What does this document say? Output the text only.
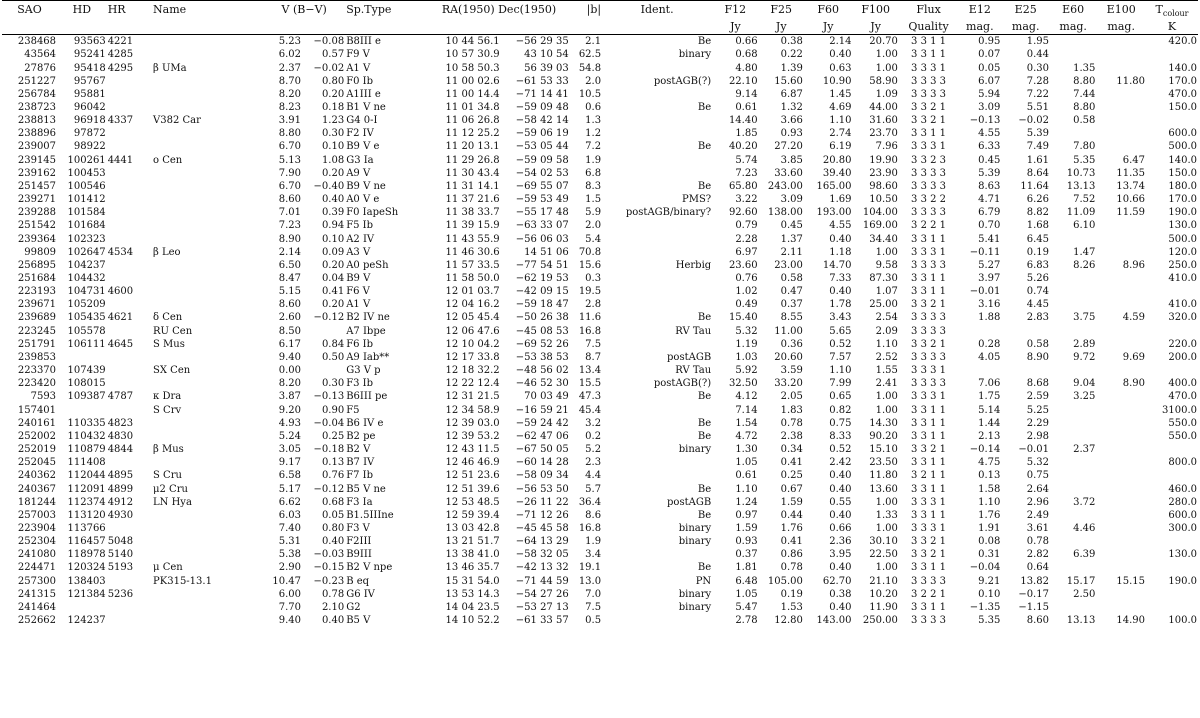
SAO	HD	HR	Name	V (B−V)		Sp.Type	RA(1950) Dec(1950)		|b|	Ident.	F12	F25	F60	F100	Flux	E12	E25	E60	E100	$T_{colour}$
											Jy	Jy	Jy	Jy	Quality	mag.	mag.	mag.	mag.	K
238468	93563	4221		5.23	−0.08	B8III e	10 44 56.1	−56 29 35	2.1	Be	0.66	0.38	2.14	20.70	3 3 1 1	0.95	1.95			420.0
43564	95241	4285		6.02	0.57	F9 V	10 57 30.9	43 10 54	62.5	binary	0.68	0.22	0.40	1.00	3 3 1 1	0.07	0.44			
27876	95418	4295	β UMa	2.37	−0.02	A1 V	10 58 50.3	56 39 03	54.8		4.80	1.39	0.63	1.00	3 3 3 1	0.05	0.30	1.35		140.0
251227	95767			8.70	0.80	F0 Ib	11 00 02.6	−61 53 33	2.0	postAGB(?)	22.10	15.60	10.90	58.90	3 3 3 3	6.07	7.28	8.80	11.80	170.0
256784	95881			8.20	0.20	A1III e	11 00 14.4	−71 14 41	10.5		9.14	6.87	1.45	1.09	3 3 3 3	5.94	7.22	7.44		470.0
238723	96042			8.23	0.18	B1 V ne	11 01 34.8	−59 09 48	0.6	Be	0.61	1.32	4.69	44.00	3 3 2 1	3.09	5.51	8.80		150.0
238813	96918	4337	V382 Car	3.91	1.23	G4 0-I	11 06 26.8	−58 42 14	1.3		14.40	3.66	1.10	31.60	3 3 2 1	−0.13	−0.02	0.58		
238896	97872			8.80	0.30	F2 IV	11 12 25.2	−59 06 19	1.2		1.85	0.93	2.74	23.70	3 3 1 1	4.55	5.39			600.0
239007	98922			6.70	0.10	B9 V e	11 20 13.1	−53 05 44	7.2	Be	40.20	27.20	6.19	7.96	3 3 3 1	6.33	7.49	7.80		500.0
239145	100261	4441	o Cen	5.13	1.08	G3 Ia	11 29 26.8	−59 09 58	1.9		5.74	3.85	20.80	19.90	3 3 2 3	0.45	1.61	5.35	6.47	140.0
239162	100453			7.90	0.20	A9 V	11 30 43.4	−54 02 53	6.8		7.23	33.60	39.40	23.90	3 3 3 3	5.39	8.64	10.73	11.35	150.0
251457	100546			6.70	−0.40	B9 V ne	11 31 14.1	−69 55 07	8.3	Be	65.80	243.00	165.00	98.60	3 3 3 3	8.63	11.64	13.13	13.74	180.0
239271	101412			8.60	0.40	A0 V e	11 37 21.6	−59 53 49	1.5	PMS?	3.22	3.09	1.69	10.50	3 3 2 2	4.71	6.26	7.52	10.66	170.0
239288	101584			7.01	0.39	F0 IapeSh	11 38 33.7	−55 17 48	5.9	postAGB/binary?	92.60	138.00	193.00	104.00	3 3 3 3	6.79	8.82	11.09	11.59	190.0
251542	101684			7.23	0.94	F5 Ib	11 39 15.9	−63 33 07	2.0		0.79	0.45	4.55	169.00	3 2 2 1	0.70	1.68	6.10		130.0
239364	102323			8.90	0.10	A2 IV	11 43 55.9	−56 06 03	5.4		2.28	1.37	0.40	34.40	3 3 1 1	5.41	6.45			500.0
99809	102647	4534	β Leo	2.14	0.09	A3 V	11 46 30.6	14 51 06	70.8		6.97	2.11	1.18	1.00	3 3 3 1	−0.11	0.19	1.47		120.0
256895	104237			6.50	0.20	A0 peSh	11 57 33.5	−77 54 51	15.6	Herbig	23.60	23.00	14.70	9.58	3 3 3 3	5.27	6.83	8.26	8.96	250.0
251684	104432			8.47	0.04	B9 V	11 58 50.0	−62 19 53	0.3		0.76	0.58	7.33	87.30	3 3 1 1	3.97	5.26			410.0
223193	104731	4600		5.15	0.41	F6 V	12 01 03.7	−42 09 15	19.5		1.02	0.47	0.40	1.07	3 3 1 1	−0.01	0.74			
239671	105209			8.60	0.20	A1 V	12 04 16.2	−59 18 47	2.8		0.49	0.37	1.78	25.00	3 3 2 1	3.16	4.45			410.0
239689	105435	4621	δ Cen	2.60	−0.12	B2 IV ne	12 05 45.4	−50 26 38	11.6	Be	15.40	8.55	3.43	2.54	3 3 3 3	1.88	2.83	3.75	4.59	320.0
223245	105578		RU Cen	8.50		A7 Ibpe	12 06 47.6	−45 08 53	16.8	RV Tau	5.32	11.00	5.65	2.09	3 3 3 3					
251791	106111	4645	S Mus	6.17	0.84	F6 Ib	12 10 04.2	−69 52 26	7.5		1.19	0.36	0.52	1.10	3 3 2 1	0.28	0.58	2.89		220.0
239853				9.40	0.50	A9 Iab**	12 17 33.8	−53 38 53	8.7	postAGB	1.03	20.60	7.57	2.52	3 3 3 3	4.05	8.90	9.72	9.69	200.0
223370	107439		SX Cen	0.00		G3 V p	12 18 32.2	−48 56 02	13.4	RV Tau	5.92	3.59	1.10	1.55	3 3 3 1					
223420	108015			8.20	0.30	F3 Ib	12 22 12.4	−46 52 30	15.5	postAGB(?)	32.50	33.20	7.99	2.41	3 3 3 3	7.06	8.68	9.04	8.90	400.0
7593	109387	4787	κ Dra	3.87	−0.13	B6III pe	12 31 21.5	70 03 49	47.3	Be	4.12	2.05	0.65	1.00	3 3 3 1	1.75	2.59	3.25		470.0
157401			S Crv	9.20	0.90	F5	12 34 58.9	−16 59 21	45.4		7.14	1.83	0.82	1.00	3 3 1 1	5.14	5.25			3100.0
240161	110335	4823		4.93	−0.04	B6 IV e	12 39 03.0	−59 24 42	3.2	Be	1.54	0.78	0.75	14.30	3 3 1 1	1.44	2.29			550.0
252002	110432	4830		5.24	0.25	B2 pe	12 39 53.2	−62 47 06	0.2	Be	4.72	2.38	8.33	90.20	3 3 1 1	2.13	2.98			550.0
252019	110879	4844	β Mus	3.05	−0.18	B2 V	12 43 11.5	−67 50 05	5.2	binary	1.30	0.34	0.52	15.10	3 3 2 1	−0.14	−0.01	2.37		
252045	111408			9.17	0.13	B7 IV	12 46 46.9	−60 14 28	2.3		1.05	0.41	2.42	23.50	3 3 1 1	4.75	5.32			800.0
240362	112044	4895	S Cru	6.58	0.76	F7 Ib	12 51 23.6	−58 09 34	4.4		0.61	0.25	0.40	11.80	3 2 1 1	0.13	0.75			
240367	112091	4899	μ2 Cru	5.17	−0.12	B5 V ne	12 51 39.6	−56 53 50	5.7	Be	1.10	0.67	0.40	13.60	3 3 1 1	1.58	2.64			460.0
181244	112374	4912	LN Hya	6.62	0.68	F3 Ia	12 53 48.5	−26 11 22	36.4	postAGB	1.24	1.59	0.55	1.00	3 3 3 1	1.10	2.96	3.72		280.0
257003	113120	4930		6.03	0.05	B1.5IIIne	12 59 39.4	−71 12 26	8.6	Be	0.97	0.44	0.40	1.33	3 3 1 1	1.76	2.49			600.0
223904	113766			7.40	0.80	F3 V	13 03 42.8	−45 45 58	16.8	binary	1.59	1.76	0.66	1.00	3 3 3 1	1.91	3.61	4.46		300.0
252304	116457	5048		5.31	0.40	F2III	13 21 51.7	−64 13 29	1.9	binary	0.93	0.41	2.36	30.10	3 3 2 1	0.08	0.78			
241080	118978	5140		5.38	−0.03	B9III	13 38 41.0	−58 32 05	3.4		0.37	0.86	3.95	22.50	3 3 2 1	0.31	2.82	6.39		130.0
224471	120324	5193	μ Cen	2.90	−0.15	B2 V npe	13 46 35.7	−42 13 32	19.1	Be	1.81	0.78	0.40	1.00	3 3 1 1	−0.04	0.64			
257300	138403		PK315-13.1	10.47	−0.23	B eq	15 31 54.0	−71 44 59	13.0	PN	6.48	105.00	62.70	21.10	3 3 3 3	9.21	13.82	15.17	15.15	190.0
241315	121384	5236		6.00	0.78	G6 IV	13 53 14.3	−54 27 26	7.0	binary	1.05	0.19	0.38	10.20	3 2 2 1	0.10	−0.17	2.50		
241464				7.70	2.10	G2	14 04 23.5	−53 27 13	7.5	binary	5.47	1.53	0.40	11.90	3 3 1 1	−1.35	−1.15			
252662	124237			9.40	0.40	B5 V	14 10 52.2	−61 33 57	0.5		2.78	12.80	143.00	250.00	3 3 3 3	5.35	8.60	13.13	14.90	100.0
